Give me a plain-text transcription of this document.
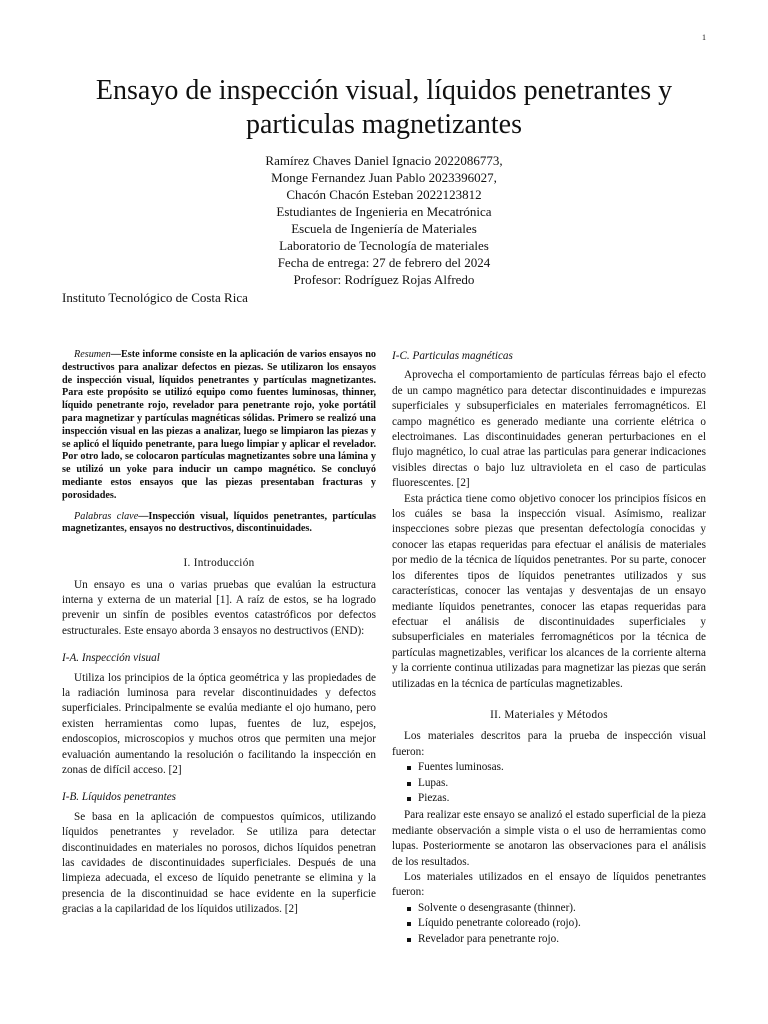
1
Ensayo de inspección visual, líquidos penetrantes y particulas magnetizantes
Ramírez Chaves Daniel Ignacio 2022086773,
Monge Fernandez Juan Pablo 2023396027,
Chacón Chacón Esteban 2022123812
Estudiantes de Ingenieria en Mecatrónica
Escuela de Ingeniería de Materiales
Laboratorio de Tecnología de materiales
Fecha de entrega: 27 de febrero del 2024
Profesor: Rodríguez Rojas Alfredo
Instituto Tecnológico de Costa Rica

Resumen—Este informe consiste en la aplicación de varios ensayos no destructivos para analizar defectos en piezas. Se utilizaron los ensayos de inspección visual, líquidos penetrantes y partículas magnetizantes. Para este propósito se utilizó equipo como fuentes luminosas, thinner, líquido penetrante rojo, revelador para penetrante rojo, yoke portátil para magnetizar y partículas magnéticas sólidas. Primero se realizó una inspección visual en las piezas a analizar, luego se limpiaron las piezas y se aplicó el líquido penetrante, para luego limpiar y aplicar el revelador. Por otro lado, se colocaron partículas magnetizantes sobre una lámina y se utilizó un yoke para inducir un campo magnético. Se concluyó mediante estos ensayos que las piezas presentaban fracturas y porosidades.

Palabras clave—Inspección visual, líquidos penetrantes, partículas magnetizantes, ensayos no destructivos, discontinuidades.

I. Introducción

Un ensayo es una o varias pruebas que evalúan la estructura interna y externa de un material [1]. A raíz de estos, se ha logrado prevenir un sinfín de posibles eventos catastróficos por defectos estructurales. Este ensayo aborda 3 ensayos no destructivos (END):

I-A. Inspección visual

Utiliza los principios de la óptica geométrica y las propiedades de la radiación luminosa para revelar discontinuidades y defectos superficiales. Principalmente se evalúa mediante el ojo humano, pero existen herramientas como lupas, fuentes de luz, espejos, endoscopios, microscopios y muchos otros que permiten una mejor evaluación aumentando la resolución o facilitando la inspección en zonas de difícil acceso. [2]

I-B. Líquidos penetrantes

Se basa en la aplicación de compuestos químicos, utilizando líquidos penetrantes y revelador. Se utiliza para detectar discontinuidades en materiales no porosos, dichos líquidos penetran las cavidades de discontinuidades superficiales. Después de una limpieza adecuada, el exceso de líquido penetrante se elimina y la presencia de la discontinuidad se hace evidente en la superficie gracias a la capilaridad de los líquidos utilizados. [2]

I-C. Particulas magnéticas

Aprovecha el comportamiento de partículas férreas bajo el efecto de un campo magnético para detectar discontinuidades e impurezas superficiales y subsuperficiales en materiales ferromagnéticos. El campo magnético es generado mediante una corriente elétrica o electroimanes. Las discontinuidades generan perturbaciones en el flujo magnético, lo cual atrae las particulas para generar indicaciones visibles directas o bajo luz ultravioleta en el caso de particulas fluorescentes. [2]

Esta práctica tiene como objetivo conocer los principios físicos en los cuáles se basa la inspección visual. Asímismo, realizar inspecciones sobre piezas que presentan defectología conocidas y conocer las etapas requeridas para efectuar el análisis de materiales por medio de la técnica de líquidos penetrantes. Por su parte, conocer los diferentes tipos de líquidos penetrantes utilizados y sus características, conocer las ventajas y desventajas de un ensayo mediante líquidos penetrantes, conocer las etapas requeridas para efectuar el análisis de discontinuidades superficiales y subsuperficiales en materiales ferromagnéticos por la técnica de partículas magnetizables, verificar los alcances de la corriente alterna y la corriente continua utilizadas para magnetizar las piezas que serán utilizadas en la técnica de partículas magnetizables.

II. Materiales y Métodos

Los materiales descritos para la prueba de inspección visual fueron:

Fuentes luminosas.
Lupas.
Piezas.

Para realizar este ensayo se analizó el estado superficial de la pieza mediante observación a simple vista o el uso de herramientas como lupas. Posteriormente se anotaron las observaciones para el análisis de los resultados.

Los materiales utilizados en el ensayo de líquidos penetrantes fueron:

Solvente o desengrasante (thinner).
Líquido penetrante coloreado (rojo).
Revelador para penetrante rojo.
